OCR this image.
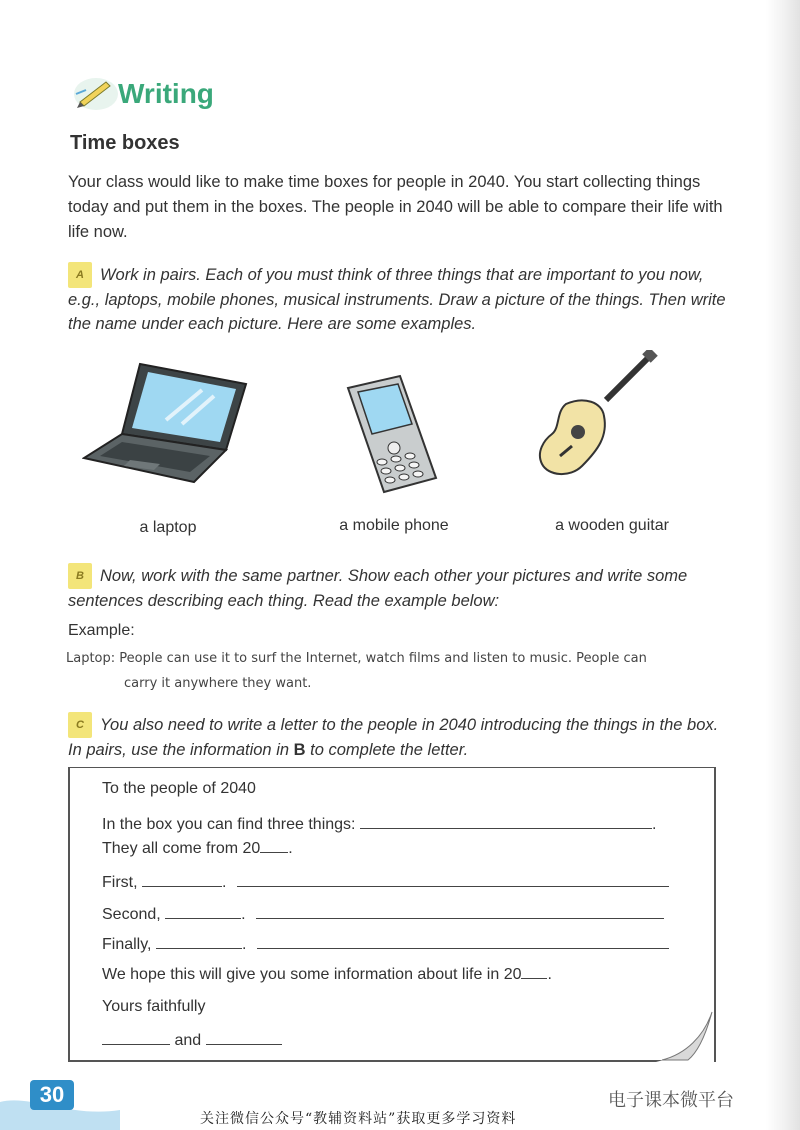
Writing
Time boxes
Your class would like to make time boxes for people in 2040. You start collecting things today and put them in the boxes. The people in 2040 will be able to compare their life with life now.
A Work in pairs. Each of you must think of three things that are important to you now, e.g., laptops, mobile phones, musical instruments. Draw a picture of the things. Then write the name under each picture. Here are some examples.
a laptop	a mobile phone	a wooden guitar
B Now, work with the same partner. Show each other your pictures and write some sentences describing each thing. Read the example below:
Example:
Laptop: People can use it to surf the Internet, watch films and listen to music. People can
carry it anywhere they want.
C You also need to write a letter to the people in 2040 introducing the things in the box. In pairs, use the information in B to complete the letter.
To the people of 2040
In the box you can find three things:	.
They all come from 20 .
First,	.
Second,	.
Finally,	.
We hope this will give you some information about life in 20 .
Yours faithfully
and
30	电子课本微平台
关注微信公众号“教辅资料站”获取更多学习资料
